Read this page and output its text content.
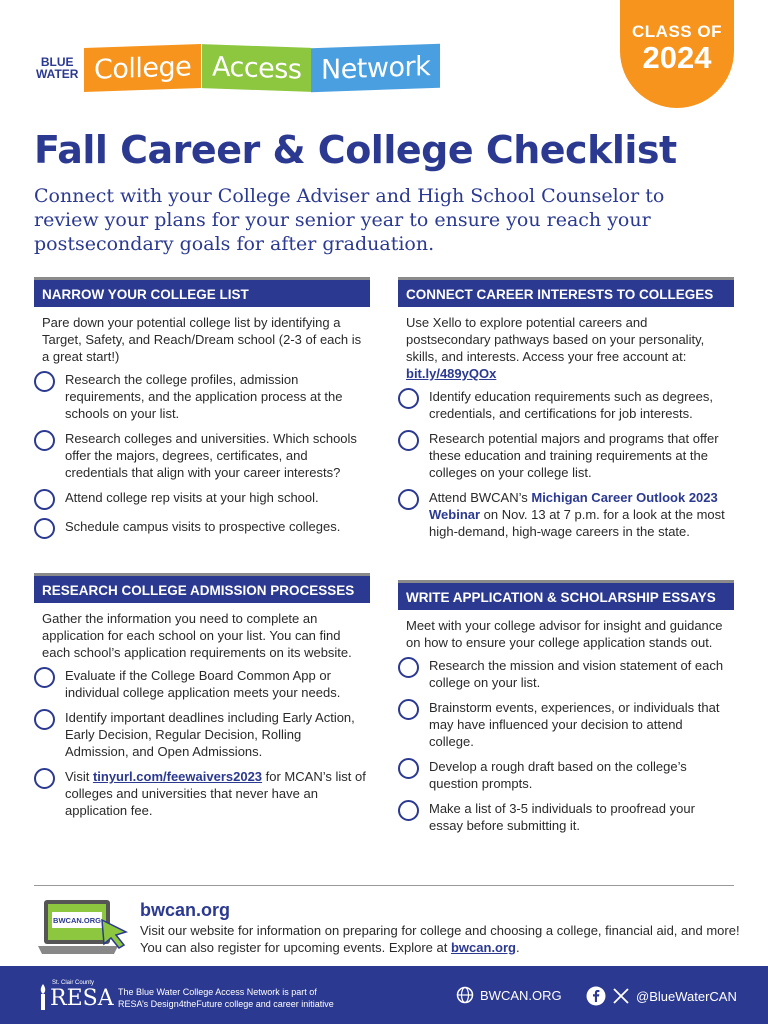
BLUE
WATER College Access Network
CLASS OF
2024
Fall Career & College Checklist

Connect with your College Adviser and High School Counselor to review your plans for your senior year to ensure you reach your postsecondary goals for after graduation.

NARROW YOUR COLLEGE LIST

Pare down your potential college list by identifying a Target, Safety, and Reach/Dream school (2-3 of each is a great start!)

Research the college profiles, admission requirements, and the application process at the schools on your list.
Research colleges and universities. Which schools offer the majors, degrees, certificates, and credentials that align with your career interests?
Attend college rep visits at your high school.
Schedule campus visits to prospective colleges.
CONNECT CAREER INTERESTS TO COLLEGES

Use Xello to explore potential careers and postsecondary pathways based on your personality, skills, and interests. Access your free account at: bit.ly/489yQOx

Identify education requirements such as degrees, credentials, and certifications for job interests.
Research potential majors and programs that offer these education and training requirements at the colleges on your college list.
Attend BWCAN’s Michigan Career Outlook 2023 Webinar on Nov. 13 at 7 p.m. for a look at the most high-demand, high-wage careers in the state.
RESEARCH COLLEGE ADMISSION PROCESSES

Gather the information you need to complete an application for each school on your list. You can find each school’s application requirements on its website.

Evaluate if the College Board Common App or individual college application meets your needs.
Identify important deadlines including Early Action, Early Decision, Regular Decision, Rolling Admission, and Open Admissions.
Visit tinyurl.com/feewaivers2023 for MCAN’s list of colleges and universities that never have an application fee.
WRITE APPLICATION & SCHOLARSHIP ESSAYS

Meet with your college advisor for insight and guidance on how to ensure your college application stands out.

Research the mission and vision statement of each college on your list.
Brainstorm events, experiences, or individuals that may have influenced your decision to attend college.
Develop a rough draft based on the college’s question prompts.
Make a list of 3-5 individuals to proofread your essay before submitting it.
BWCAN.ORG
bwcan.org

Visit our website for information on preparing for college and choosing a college, financial aid, and more! You can also register for upcoming events. Explore at bwcan.org.

St. Clair County
RESA The Blue Water College Access Network is part of RESA’s Design4theFuture college and career initiative
BWCAN.ORG	@BlueWaterCAN
